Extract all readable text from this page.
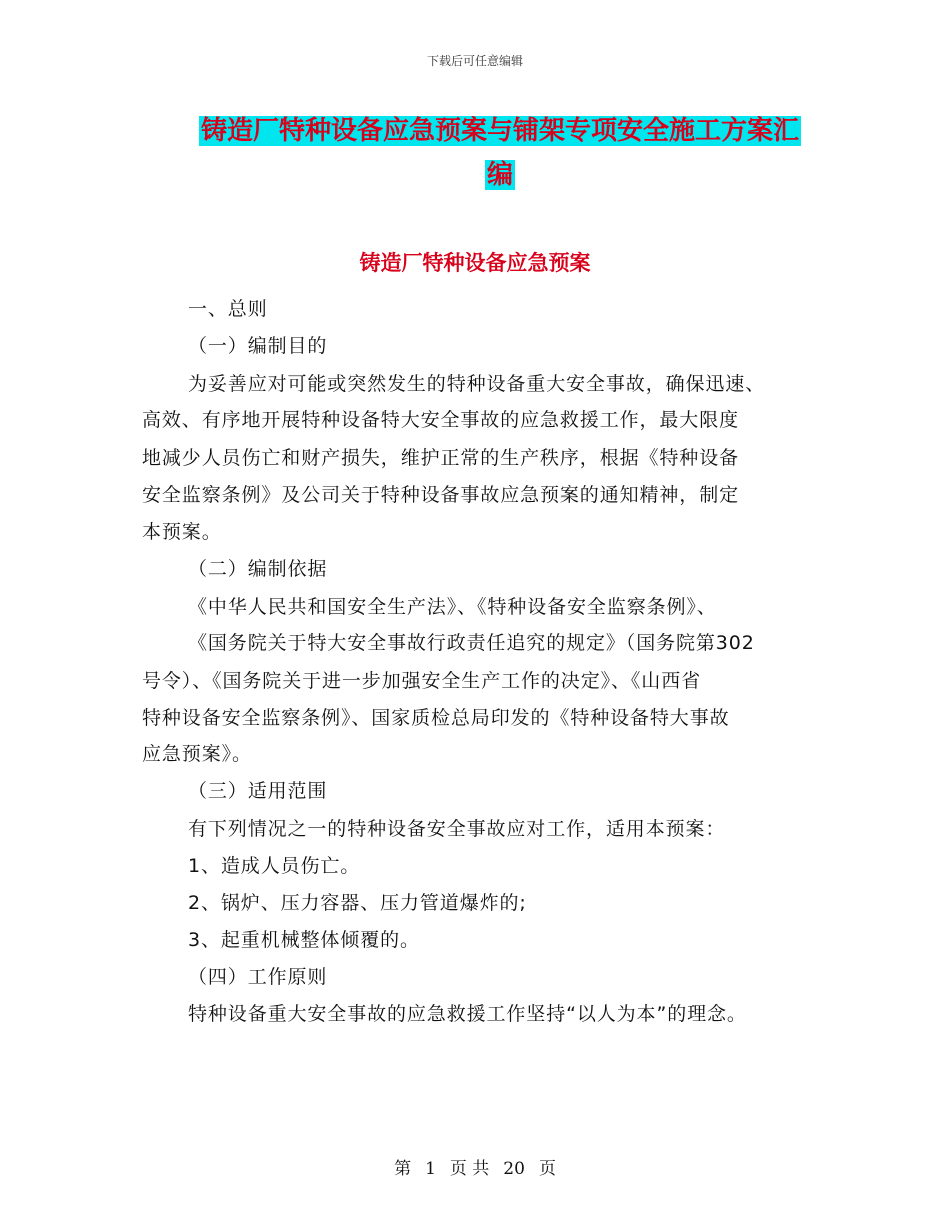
下载后可任意编辑
铸造厂特种设备应急预案与铺架专项安全施工方案汇
编
铸造厂特种设备应急预案
一、总则
（一）编制目的
为妥善应对可能或突然发生的特种设备重大安全事故，确保迅速、
高效、有序地开展特种设备特大安全事故的应急救援工作，最大限度
地减少人员伤亡和财产损失，维护正常的生产秩序，根据《特种设备
安全监察条例》及公司关于特种设备事故应急预案的通知精神，制定
本预案。
（二）编制依据
《中华人民共和国安全生产法》、《特种设备安全监察条例》、
《国务院关于特大安全事故行政责任追究的规定》（国务院第302
号令）、《国务院关于进一步加强安全生产工作的决定》、《山西省
特种设备安全监察条例》、国家质检总局印发的《特种设备特大事故
应急预案》。
（三）适用范围
有下列情况之一的特种设备安全事故应对工作，适用本预案：
1、造成人员伤亡。
2、锅炉、压力容器、压力管道爆炸的;
3、起重机械整体倾覆的。
（四）工作原则
特种设备重大安全事故的应急救援工作坚持“以人为本”的理念。
第 1 页 共 20 页
